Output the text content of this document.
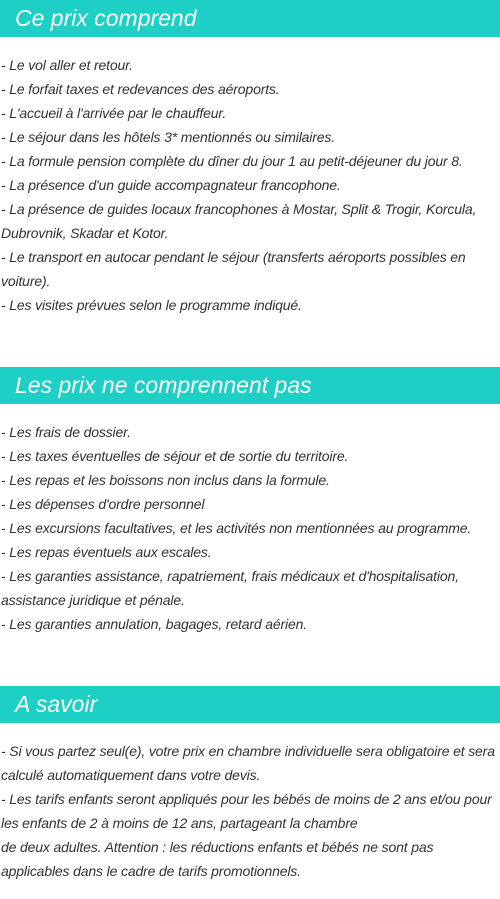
Ce prix comprend
- Le vol aller et retour.
- Le forfait taxes et redevances des aéroports.
- L'accueil à l'arrivée par le chauffeur.
- Le séjour dans les hôtels 3* mentionnés ou similaires.
- La formule pension complète du dîner du jour 1 au petit-déjeuner du jour 8.
- La présence d'un guide accompagnateur francophone.
- La présence de guides locaux francophones à Mostar, Split & Trogir, Korcula, Dubrovnik, Skadar et Kotor.
- Le transport en autocar pendant le séjour (transferts aéroports possibles en voiture).
- Les visites prévues selon le programme indiqué.
Les prix ne comprennent pas
- Les frais de dossier.
- Les taxes éventuelles de séjour et de sortie du territoire.
- Les repas et les boissons non inclus dans la formule.
- Les dépenses d'ordre personnel
- Les excursions facultatives, et les activités non mentionnées au programme.
- Les repas éventuels aux escales.
- Les garanties assistance, rapatriement, frais médicaux et d'hospitalisation, assistance juridique et pénale.
- Les garanties annulation, bagages, retard aérien.
A savoir
- Si vous partez seul(e), votre prix en chambre individuelle sera obligatoire et sera calculé automatiquement dans votre devis.
- Les tarifs enfants seront appliqués pour les bébés de moins de 2 ans et/ou pour les enfants de 2 à moins de 12 ans, partageant la chambre
de deux adultes. Attention : les réductions enfants et bébés ne sont pas applicables dans le cadre de tarifs promotionnels.
